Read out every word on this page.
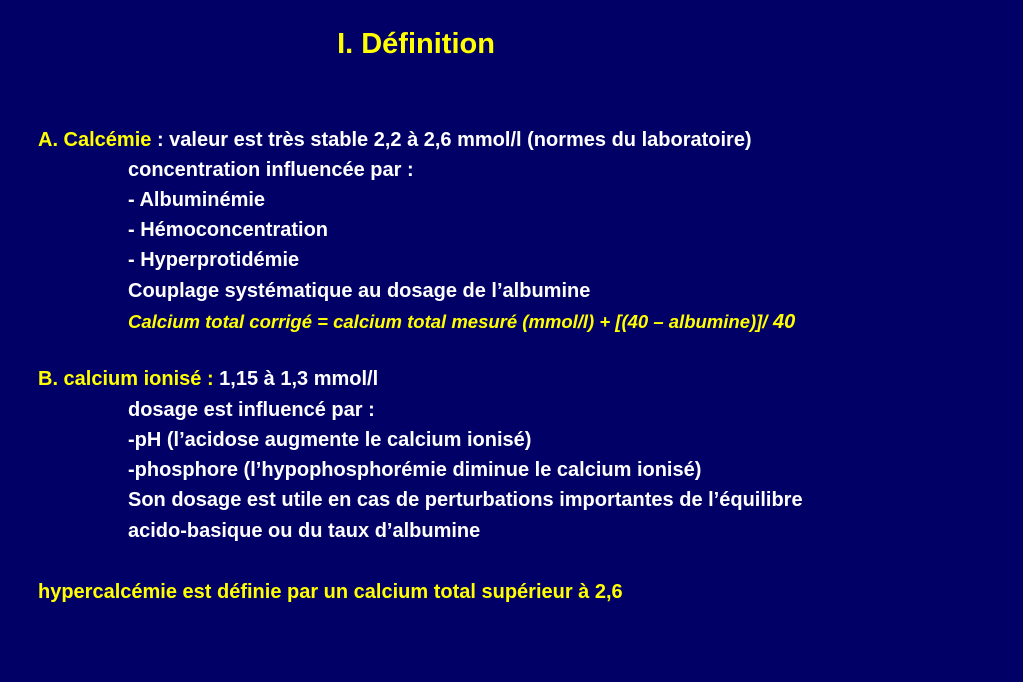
I. Définition
A. Calcémie : valeur est très stable 2,2 à 2,6 mmol/l (normes du laboratoire)
concentration influencée par :
- Albuminémie
- Hémoconcentration
- Hyperprotidémie
Couplage systématique au dosage de l’albumine
Calcium total corrigé = calcium total mesuré (mmol/l) + [(40 – albumine)]/ 40
B. calcium ionisé : 1,15 à 1,3 mmol/l
dosage est influencé par :
-pH (l’acidose augmente le calcium ionisé)
-phosphore (l’hypophosphorémie diminue le calcium ionisé)
Son dosage est utile en cas de perturbations importantes de l’équilibre
acido-basique ou du taux d’albumine
hypercalcémie est définie par un calcium total supérieur à 2,6
